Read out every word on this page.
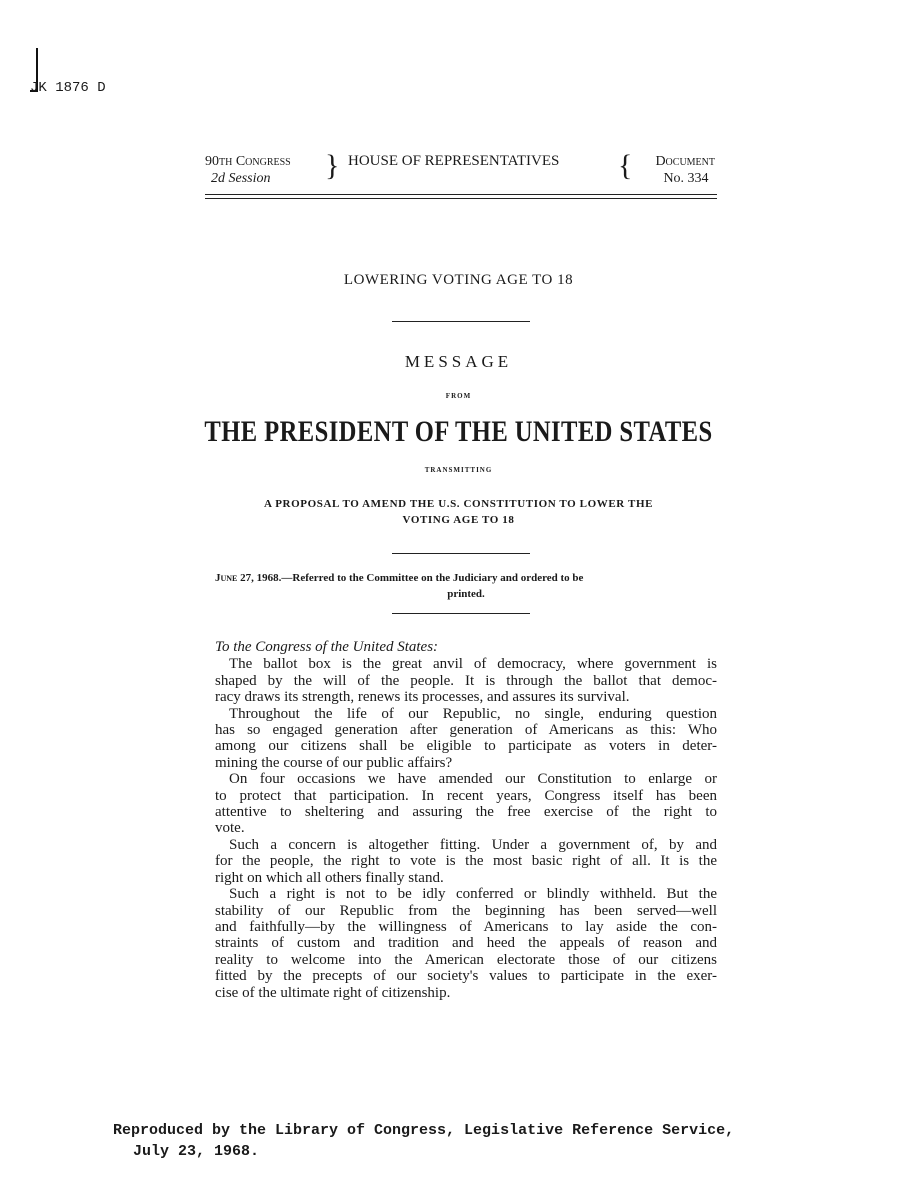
JK 1876 D
90th Congress
2d Session	} HOUSE OF REPRESENTATIVES { Document
No. 334
LOWERING VOTING AGE TO 18
MESSAGE
FROM
THE PRESIDENT OF THE UNITED STATES
TRANSMITTING
A PROPOSAL TO AMEND THE U.S. CONSTITUTION TO LOWER THE
VOTING AGE TO 18
June 27, 1968.—Referred to the Committee on the Judiciary and ordered to be
printed.
To the Congress of the United States:
The ballot box is the great anvil of democracy, where government is
shaped by the will of the people. It is through the ballot that democ-
racy draws its strength, renews its processes, and assures its survival.
Throughout the life of our Republic, no single, enduring question
has so engaged generation after generation of Americans as this: Who
among our citizens shall be eligible to participate as voters in deter-
mining the course of our public affairs?
On four occasions we have amended our Constitution to enlarge or
to protect that participation. In recent years, Congress itself has been
attentive to sheltering and assuring the free exercise of the right to
vote.
Such a concern is altogether fitting. Under a government of, by and
for the people, the right to vote is the most basic right of all. It is the
right on which all others finally stand.
Such a right is not to be idly conferred or blindly withheld. But the
stability of our Republic from the beginning has been served—well
and faithfully—by the willingness of Americans to lay aside the con-
straints of custom and tradition and heed the appeals of reason and
reality to welcome into the American electorate those of our citizens
fitted by the precepts of our society's values to participate in the exer-
cise of the ultimate right of citizenship.
Reproduced by the Library of Congress, Legislative Reference Service,
July 23, 1968.
